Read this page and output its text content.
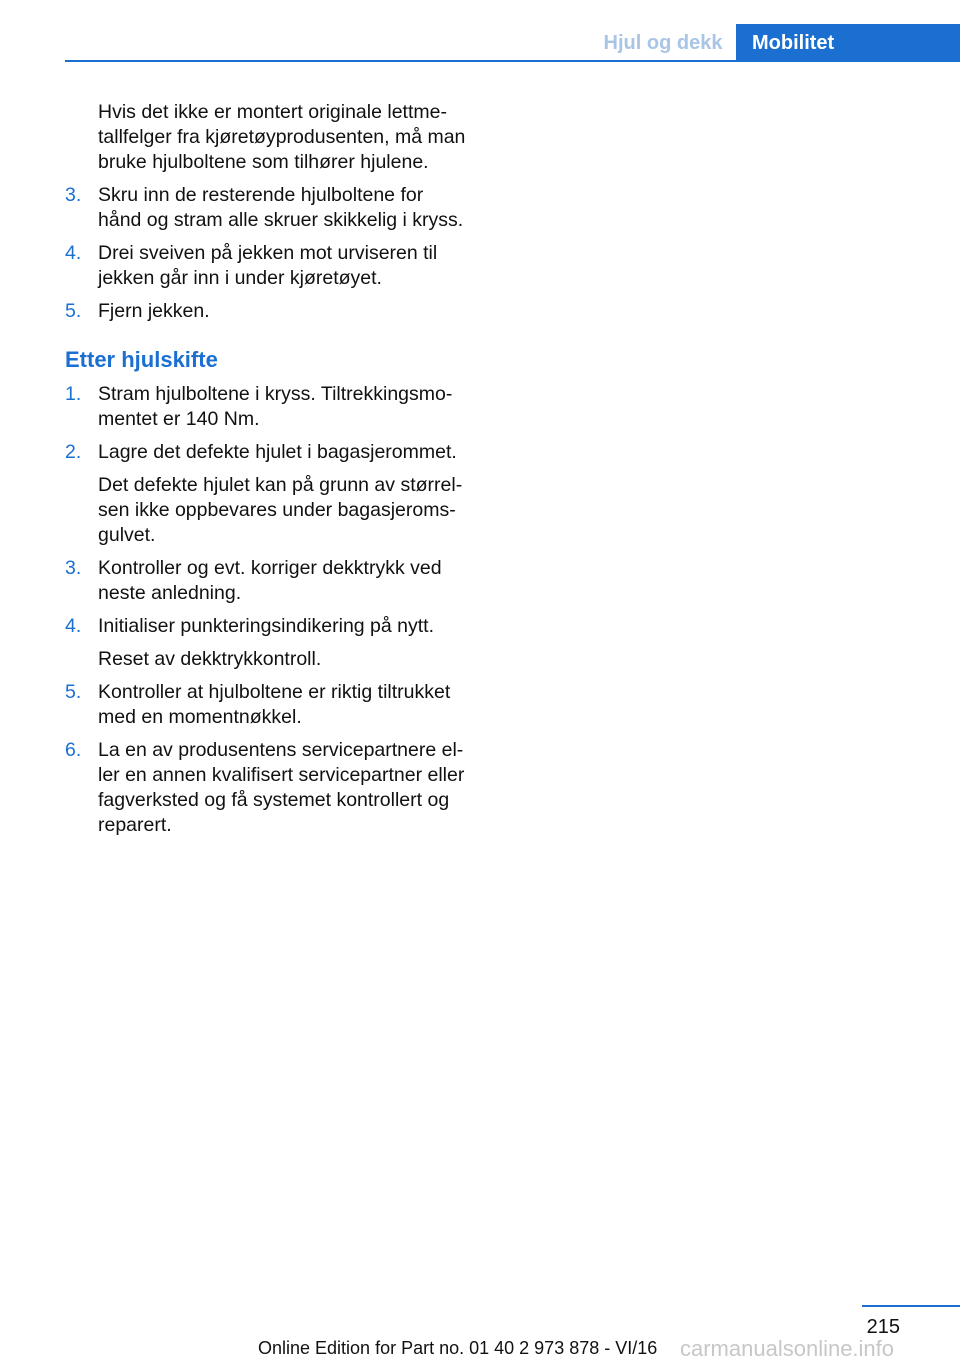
Hjul og dekk	Mobilitet

Hvis det ikke er montert originale lettme-
tallfelger fra kjøretøyprodusenten, må man
bruke hjulboltene som tilhører hjulene.

3. Skru inn de resterende hjulboltene for
hånd og stram alle skruer skikkelig i kryss.
4. Drei sveiven på jekken mot urviseren til
jekken går inn i under kjøretøyet.
5. Fjern jekken.
Etter hjulskifte
1. Stram hjulboltene i kryss. Tiltrekkingsmo-
mentet er 140 Nm.
2. Lagre det defekte hjulet i bagasjerommet.
Det defekte hjulet kan på grunn av størrel-
sen ikke oppbevares under bagasjeroms-
gulvet.
3. Kontroller og evt. korriger dekktrykk ved
neste anledning.
4. Initialiser punkteringsindikering på nytt.
Reset av dekktrykkontroll.
5. Kontroller at hjulboltene er riktig tiltrukket
med en momentnøkkel.
6. La en av produsentens servicepartnere el-
ler en annen kvalifisert servicepartner eller
fagverksted og få systemet kontrollert og
reparert.
215
Online Edition for Part no. 01 40 2 973 878 - VI/16 carmanualsonline.info
